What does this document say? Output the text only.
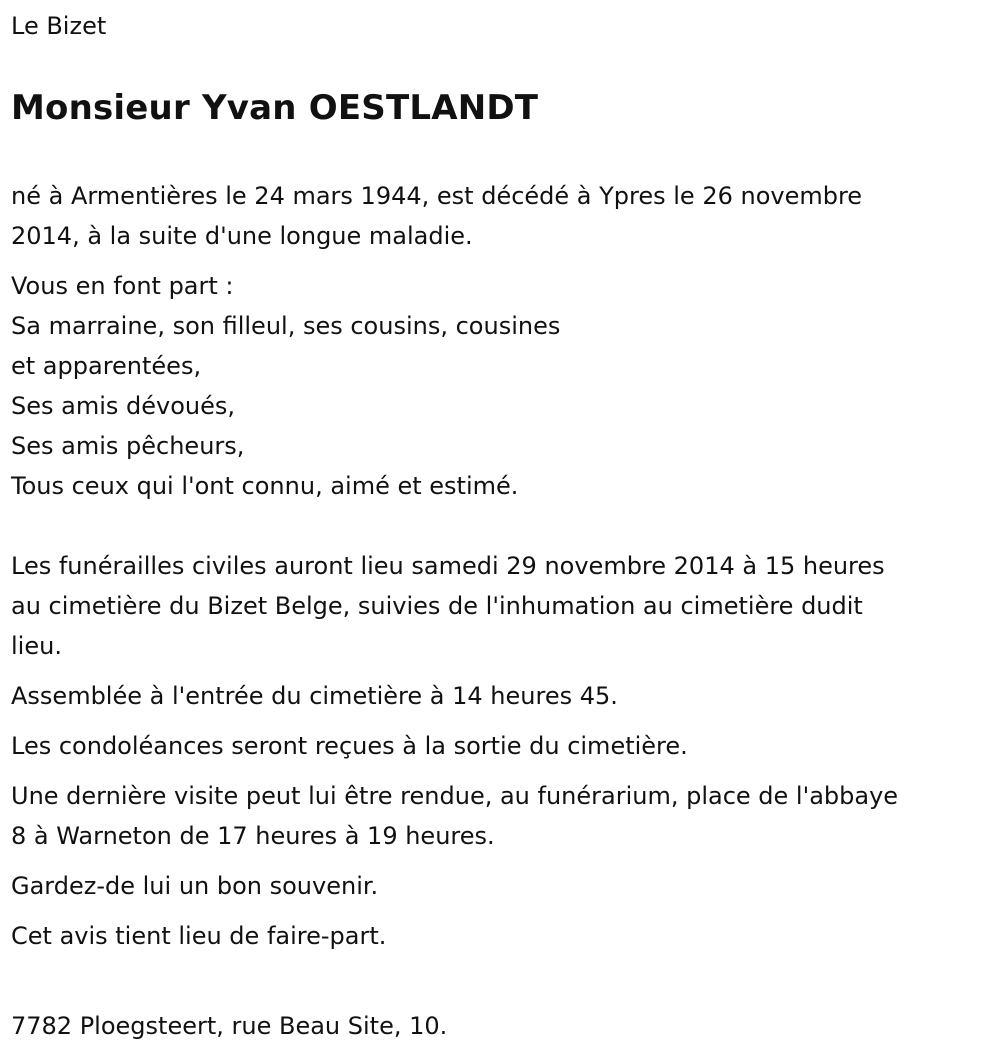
Le Bizet
Monsieur Yvan OESTLANDT
né à Armentières le 24 mars 1944, est décédé à Ypres le 26 novembre
2014, à la suite d'une longue maladie.
Vous en font part :
Sa marraine, son filleul, ses cousins, cousines
et apparentées,
Ses amis dévoués,
Ses amis pêcheurs,
Tous ceux qui l'ont connu, aimé et estimé.
Les funérailles civiles auront lieu samedi 29 novembre 2014 à 15 heures
au cimetière du Bizet Belge, suivies de l'inhumation au cimetière dudit
lieu.
Assemblée à l'entrée du cimetière à 14 heures 45.
Les condoléances seront reçues à la sortie du cimetière.
Une dernière visite peut lui être rendue, au funérarium, place de l'abbaye
8 à Warneton de 17 heures à 19 heures.
Gardez-de lui un bon souvenir.
Cet avis tient lieu de faire-part.
7782 Ploegsteert, rue Beau Site, 10.
